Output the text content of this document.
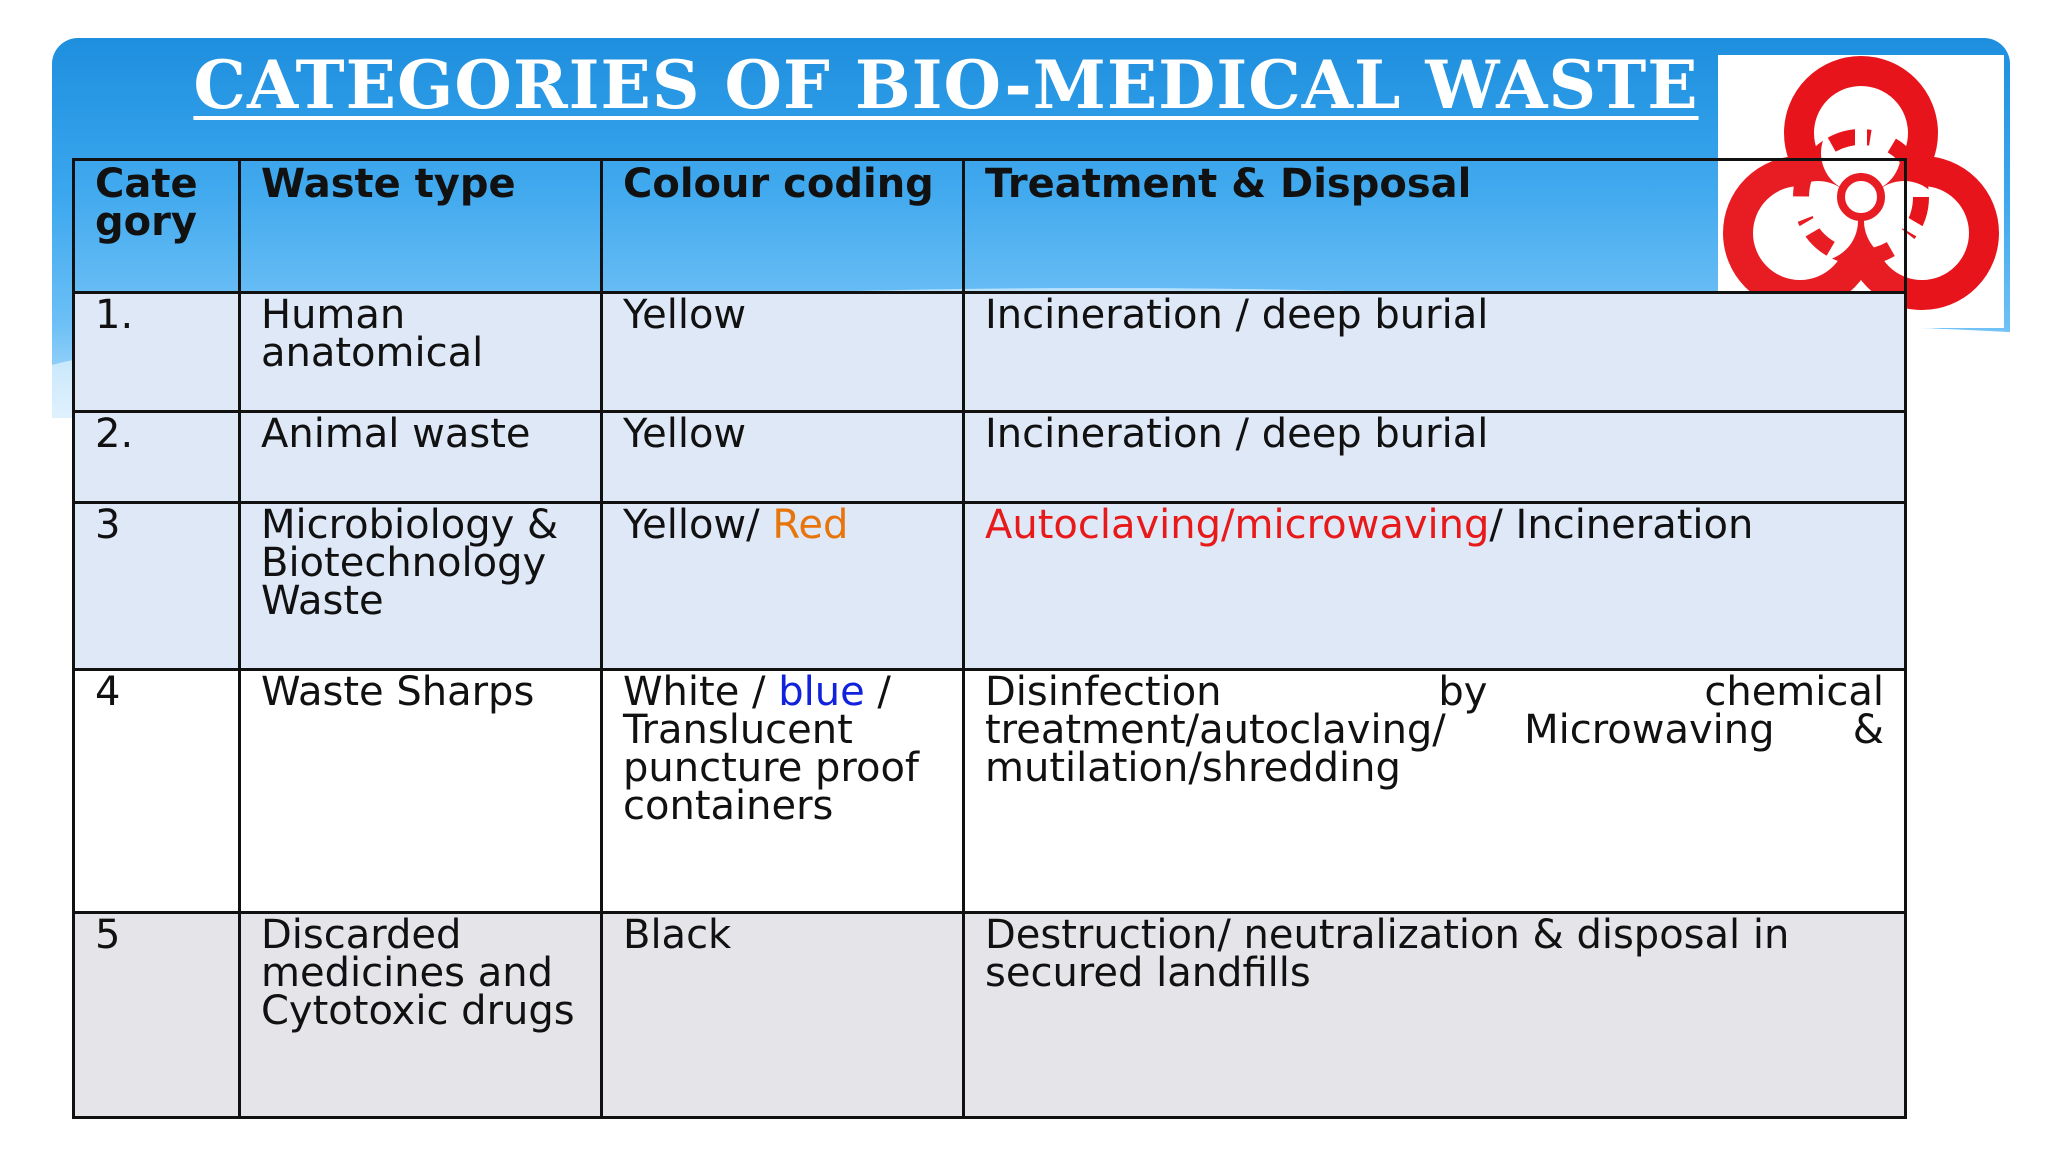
CATEGORIES OF BIO-MEDICAL WASTE
Cate gory	Waste type	Colour coding	Treatment & Disposal
1.	Human anatomical	Yellow	Incineration / deep burial
2.	Animal waste	Yellow	Incineration / deep burial
3	Microbiology & Biotechnology Waste	Yellow/ Red	Autoclaving/microwaving/ Incineration
4	Waste Sharps	White / blue / Translucent puncture proof containers	Disinfection by chemical
treatment/autoclaving/ Microwaving &
mutilation/shredding
5	Discarded medicines and Cytotoxic drugs	Black	Destruction/ neutralization & disposal in secured landfills
